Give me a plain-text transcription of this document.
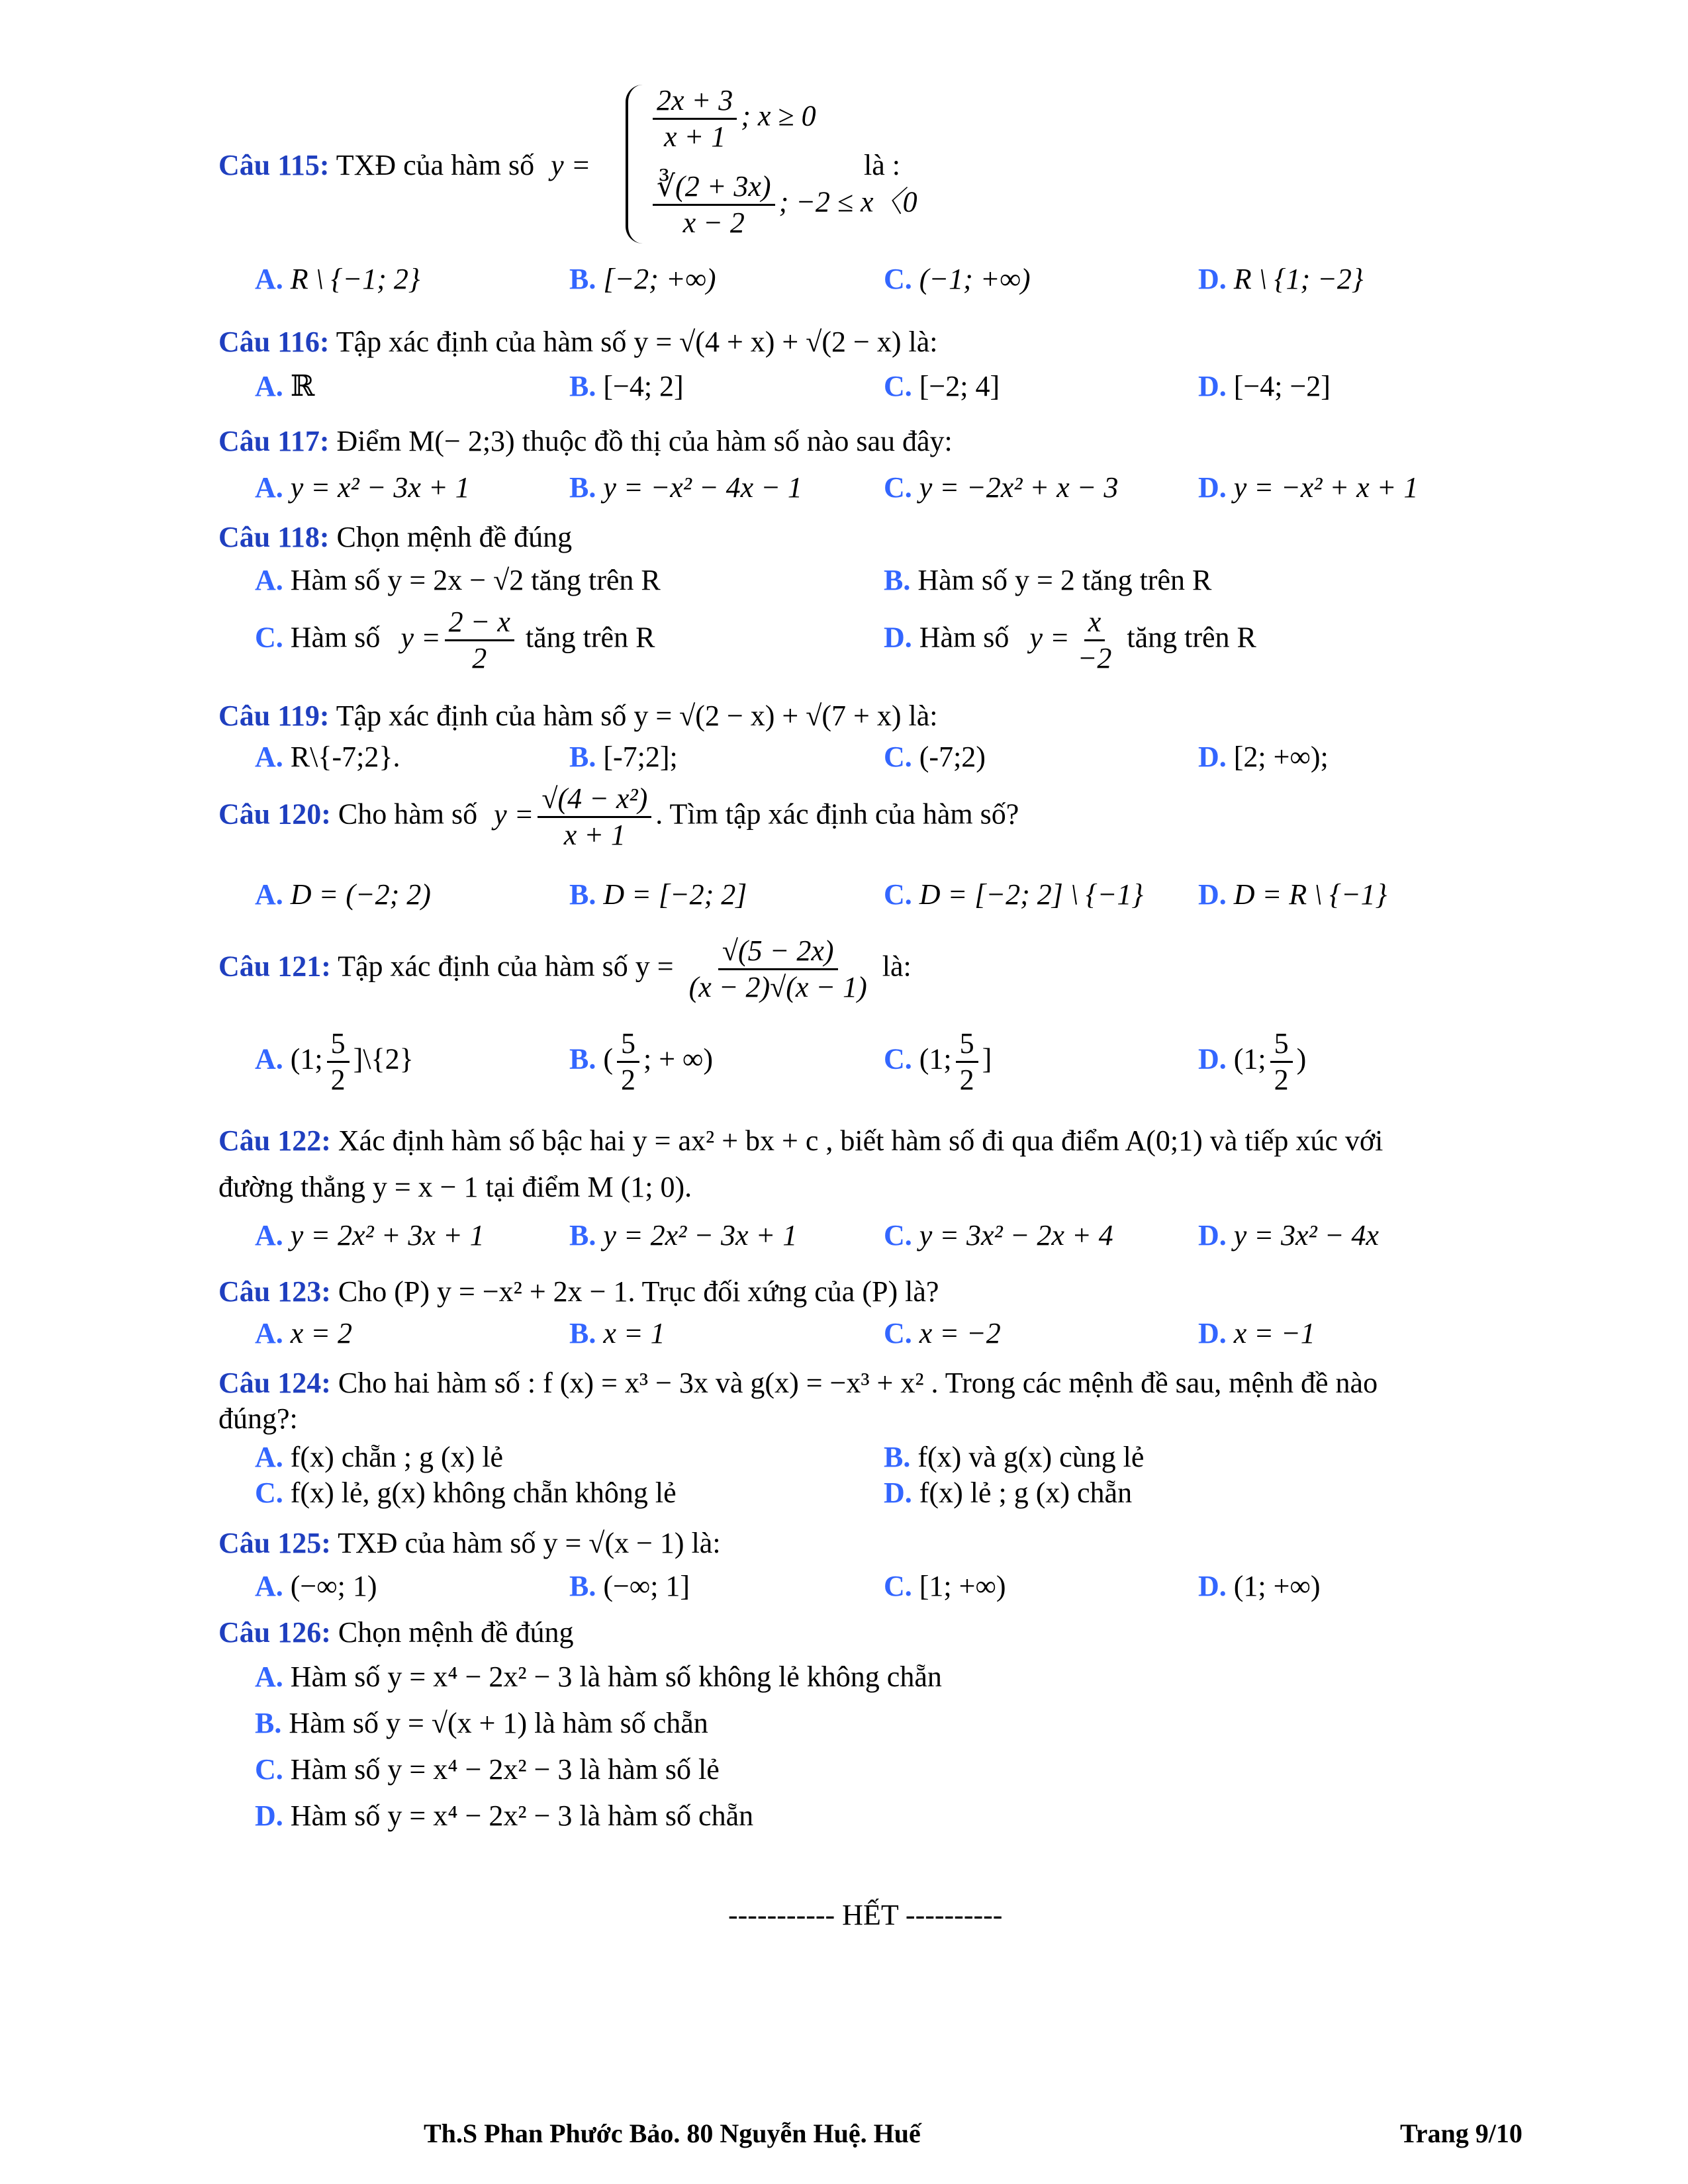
Câu 115: TXĐ của hàm số y =
$\frac{2x + 3}{x + 1}$ ; x ≥ 0
$\frac{∛(2 + 3x)}{x - 2}$ ; −2 ≤ x〈0
là :
A. R \ {−1; 2}	B. [−2; +∞)	C. (−1; +∞)	D. R \ {1; −2}
Câu 116: Tập xác định của hàm số y = √(4 + x) + √(2 − x) là:
A. ℝ	B. [−4; 2]	C. [−2; 4]	D. [−4; −2]
Câu 117: Điểm M(− 2;3) thuộc đồ thị của hàm số nào sau đây:
A. y = x² − 3x + 1	B. y = −x² − 4x − 1	C. y = −2x² + x − 3	D. y = −x² + x + 1
Câu 118: Chọn mệnh đề đúng
A. Hàm số y = 2x − √2 tăng trên R	B. Hàm số y = 2 tăng trên R
C. Hàm số $y = \frac{2 - x}{2}$ tăng trên R	D. Hàm số $y = \frac{x}{-2}$ tăng trên R
Câu 119: Tập xác định của hàm số y = √(2 − x) + √(7 + x) là:
A. R\{-7;2}.	B. [-7;2];	C. (-7;2)	D. [2; +∞);
Câu 120: Cho hàm số $y = \frac{\text{√(4 − x²)}}{x + 1}$ . Tìm tập xác định của hàm số?
A. D = (−2; 2)	B. D = [−2; 2]	C. D = [−2; 2] \ {−1} D. D = R \ {−1}
Câu 121: Tập xác định của hàm số $y = \frac{√(5 - 2x)}{(x - 2)√(x - 1)}$ là:
A. (1; $\frac{5}{2}$ ]\{2}	B. ( $\frac{5}{2}$ ; + ∞)	C. (1; $\frac{5}{2}$ ]	D. (1; $\frac{5}{2}$ )
Câu 122: Xác định hàm số bậc hai y = ax² + bx + c , biết hàm số đi qua điểm A(0;1) và tiếp xúc với
đường thẳng y = x − 1 tại điểm M (1; 0).
A. y = 2x² + 3x + 1	B. y = 2x² − 3x + 1	C. y = 3x² − 2x + 4	D. y = 3x² − 4x
Câu 123: Cho (P) y = −x² + 2x − 1. Trục đối xứng của (P) là?
A. x = 2	B. x = 1	C. x = −2	D. x = −1
Câu 124: Cho hai hàm số : f (x) = x³ − 3x và g(x) = −x³ + x² . Trong các mệnh đề sau, mệnh đề nào
đúng?:
A. f(x) chẵn ; g (x) lẻ	B. f(x) và g(x) cùng lẻ
C. f(x) lẻ, g(x) không chẵn không lẻ	D. f(x) lẻ ; g (x) chẵn
Câu 125: TXĐ của hàm số y = √(x − 1) là:
A. (−∞; 1)	B. (−∞; 1]	C. [1; +∞)	D. (1; +∞)
Câu 126: Chọn mệnh đề đúng
A. Hàm số y = x⁴ − 2x² − 3 là hàm số không lẻ không chẵn
B. Hàm số y = √(x + 1) là hàm số chẵn
C. Hàm số y = x⁴ − 2x² − 3 là hàm số lẻ
D. Hàm số y = x⁴ − 2x² − 3 là hàm số chẵn
----------- HẾT ----------
Th.S Phan Phước Bảo. 80 Nguyễn Huệ. Huế	Trang 9/10
